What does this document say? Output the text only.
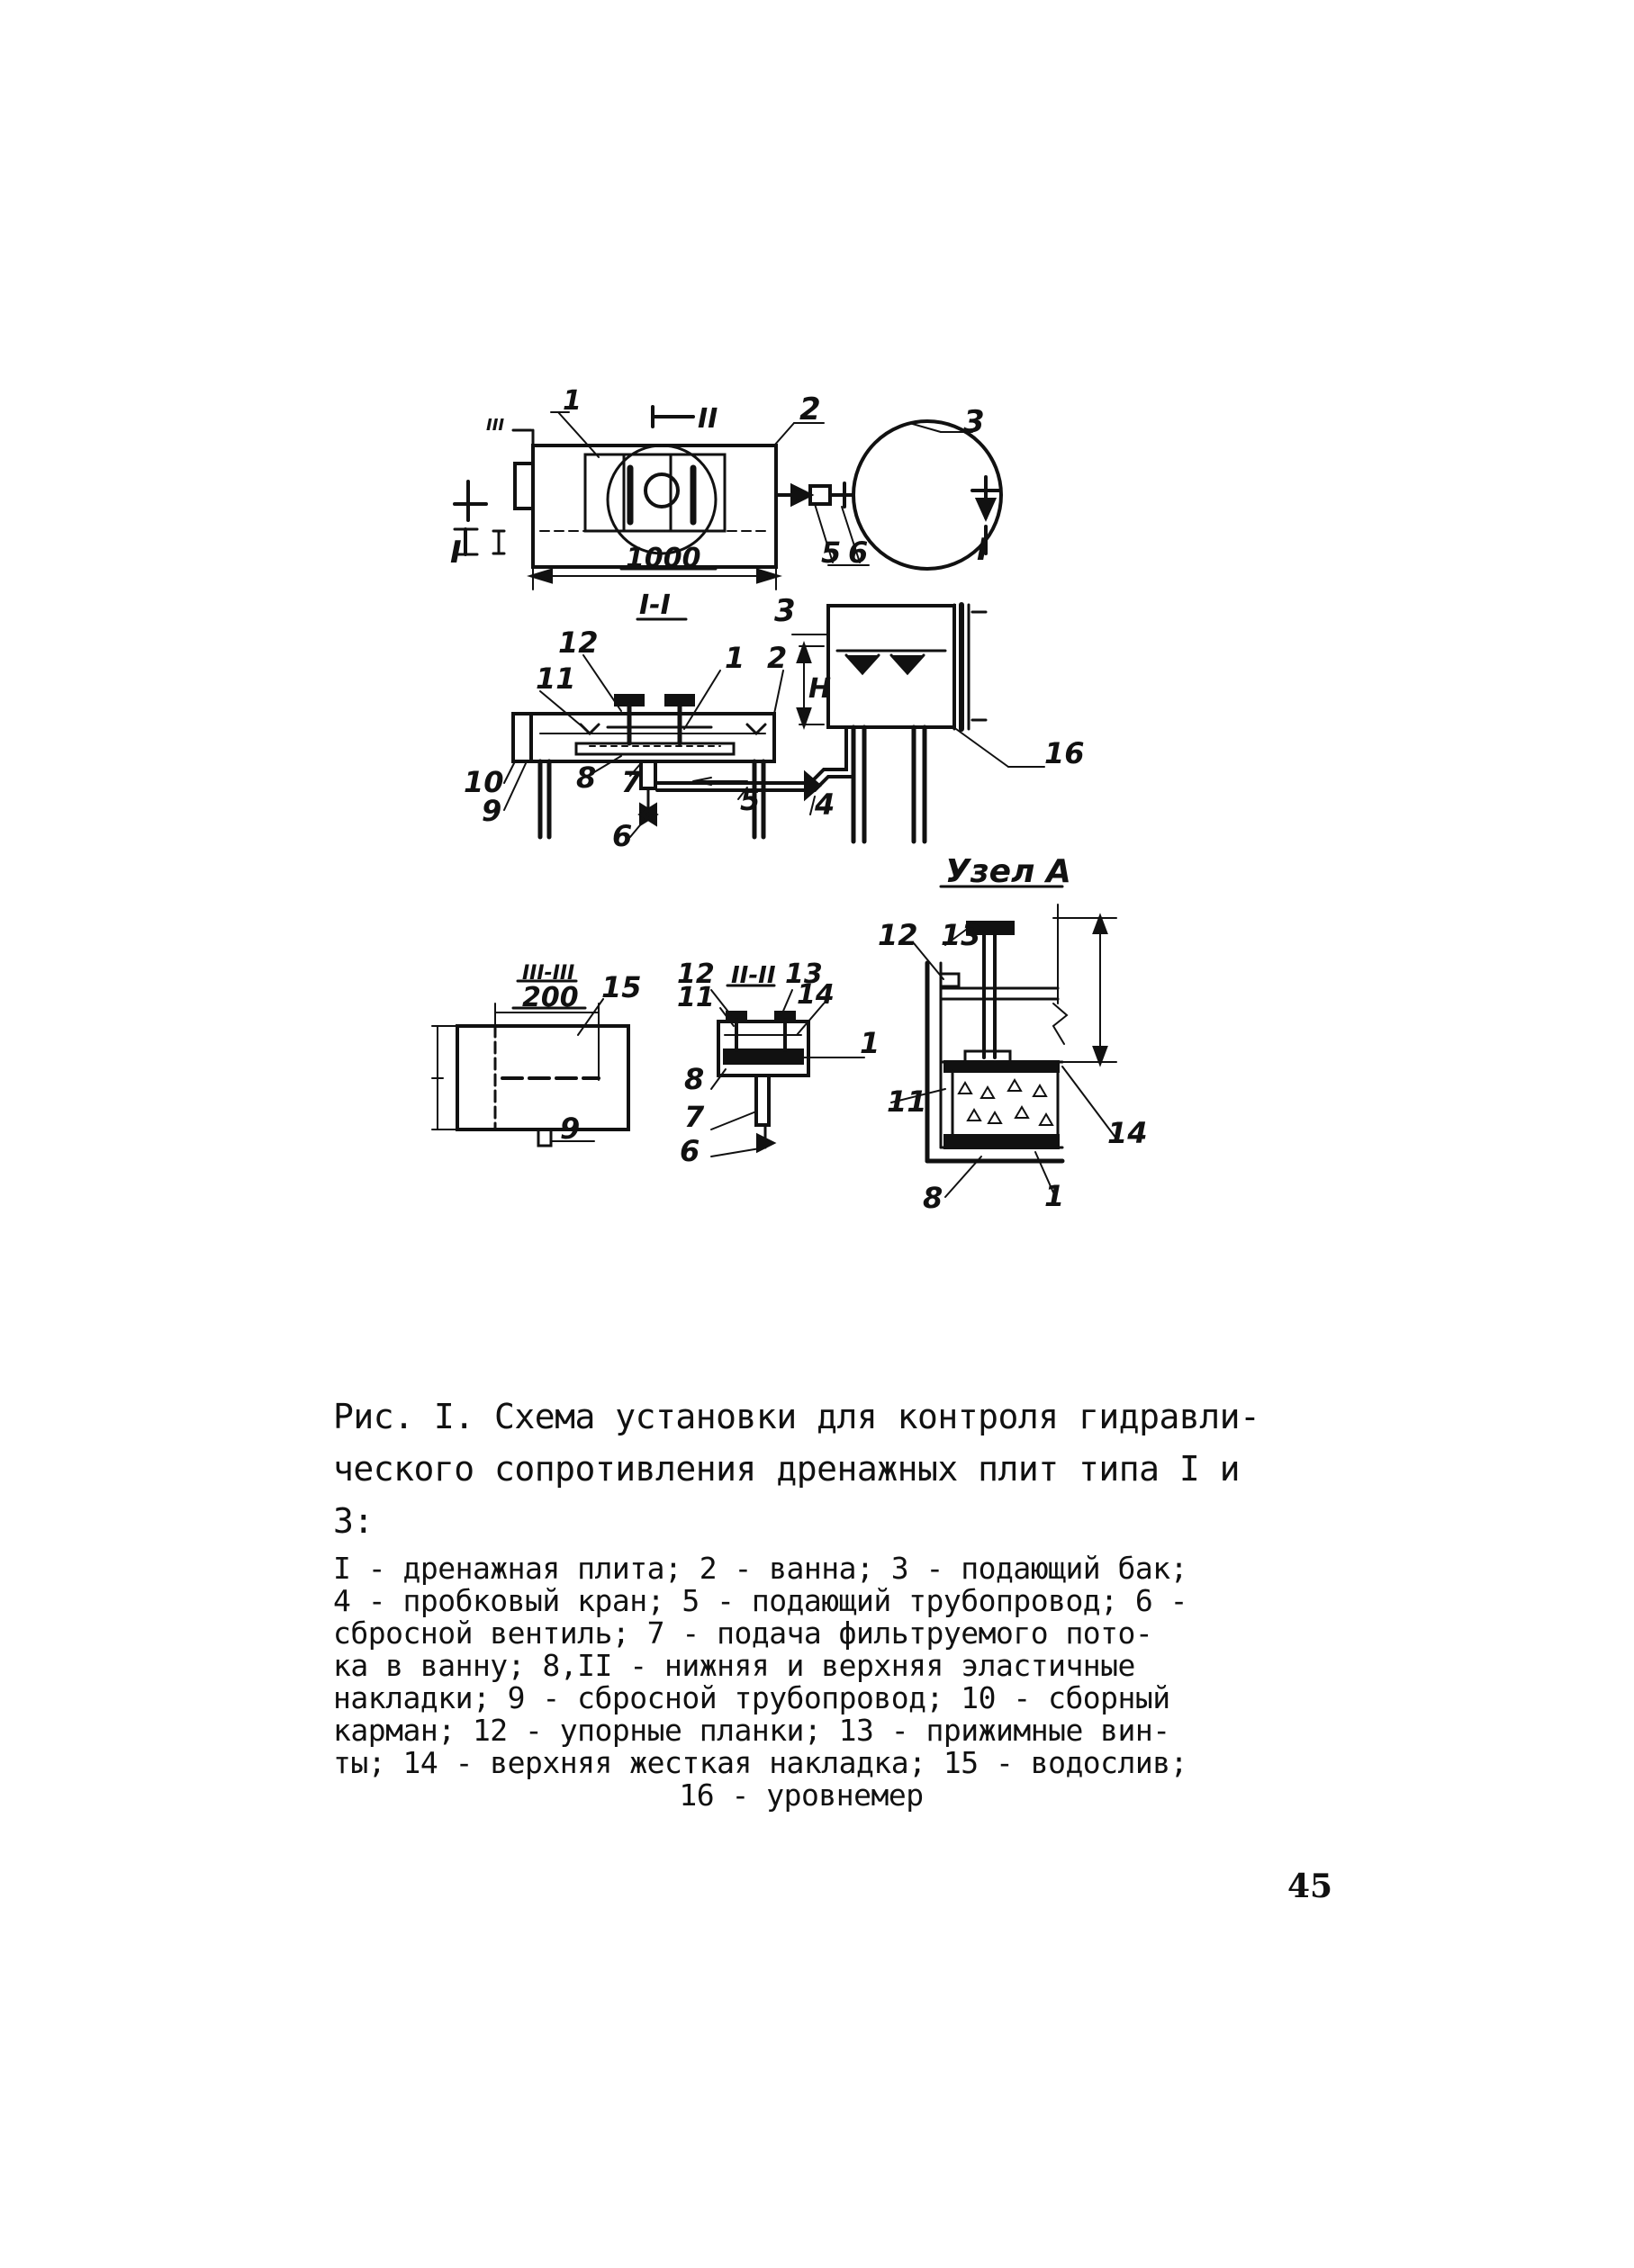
1	2	3
5 6
II
I	I
III
1000
I-I
1 2
3
4
5
6
7
8
9
10
11
12
16
H
III-III
200 15
9
II-II
1
6
7
8
11
12	13
14
Узел А
1
8
11
12 13
14

Рис. I. Схема установки для контроля гидравли-
ческого сопротивления дренажных плит типа I и 3:

I - дренажная плита; 2 - ванна; 3 - подающий бак;
4 - пробковый кран; 5 - подающий трубопровод; 6 -
сбросной вентиль; 7 - подача фильтруемого пото-
ка в ванну; 8,II - нижняя и верхняя эластичные
накладки; 9 - сбросной трубопровод; 10 - сборный
карман; 12 - упорные планки; 13 - прижимные вин-
ты; 14 - верхняя жесткая накладка; 15 - водослив;

16 - уровнемер

45
